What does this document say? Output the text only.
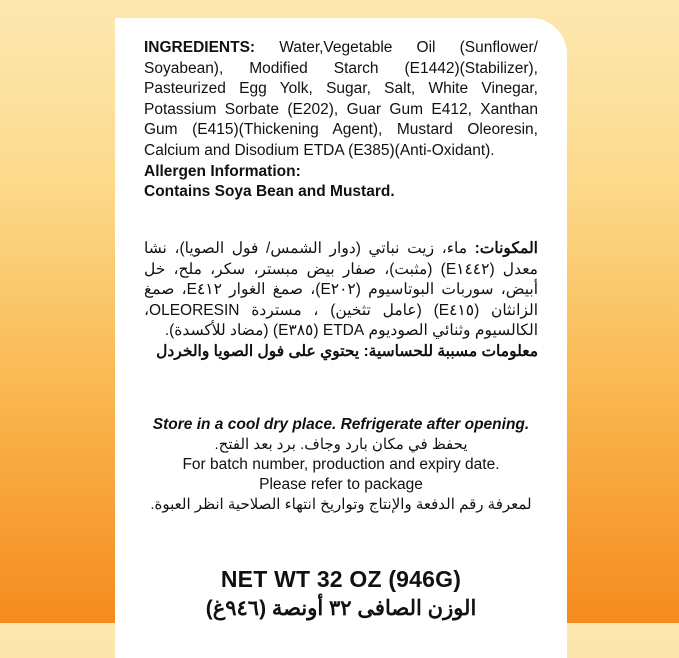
INGREDIENTS: Water,Vegetable Oil (Sunflower/ Soyabean), Modified Starch (E1442)(Stabilizer), Pasteurized Egg Yolk, Sugar, Salt, White Vinegar, Potassium Sorbate (E202), Guar Gum E412, Xanthan Gum (E415)(Thickening Agent), Mustard Oleoresin, Calcium and Disodium ETDA (E385)(Anti-Oxidant).

Allergen Information:

Contains Soya Bean and Mustard.

المكونات: ماء، زيت نباتي (دوار الشمس/ فول الصويا)، نشا معدل (E١٤٤٢) (مثبت)، صفار بيض مبستر، سكر، ملح، خل أبيض، سوربات البوتاسيوم (E٢٠٢)، صمغ الغوار E٤١٢، صمغ الزانثان (E٤١٥) (عامل تثخين) ، مستردة OLEORESIN، الكالسيوم وثنائي الصوديوم ETDA (E٣٨٥) (مضاد للأكسدة).

معلومات مسببة للحساسية: يحتوي على فول الصويا والخردل

Store in a cool dry place. Refrigerate after opening.

يحفظ في مكان بارد وجاف. برد بعد الفتح.

For batch number, production and expiry date.

Please refer to package

لمعرفة رقم الدفعة والإنتاج وتواريخ انتهاء الصلاحية انظر العبوة.

NET WT 32 OZ (946G)

الوزن الصافى ٣٢ أونصة (٩٤٦غ)
